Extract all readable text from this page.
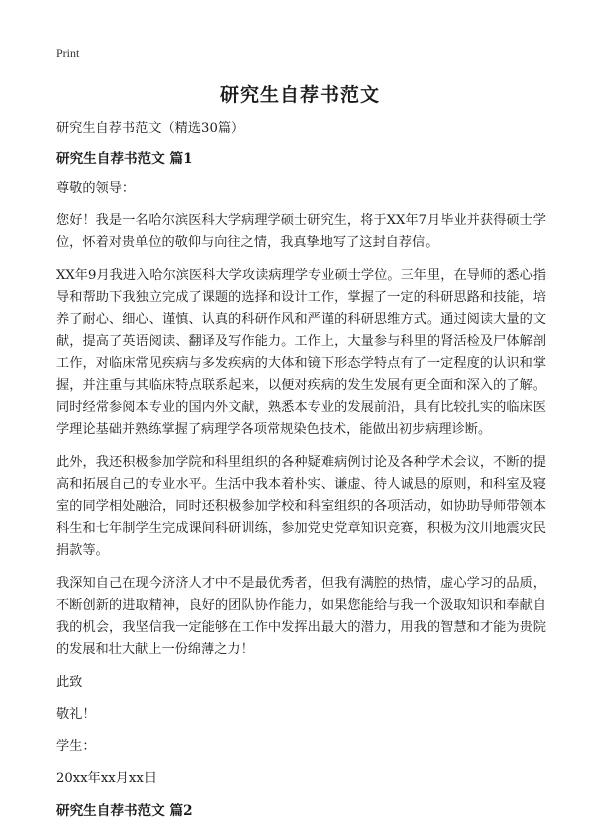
Print
研究生自荐书范文

研究生自荐书范文（精选30篇）

研究生自荐书范文 篇1

尊敬的领导：

您好！我是一名哈尔滨医科大学病理学硕士研究生，将于XX年7月毕业并获得硕士学位，怀着对贵单位的敬仰与向往之情，我真挚地写了这封自荐信。

XX年9月我进入哈尔滨医科大学攻读病理学专业硕士学位。三年里，在导师的悉心指导和帮助下我独立完成了课题的选择和设计工作，掌握了一定的科研思路和技能，培养了耐心、细心、谨慎、认真的科研作风和严谨的科研思维方式。通过阅读大量的文献，提高了英语阅读、翻译及写作能力。工作上，大量参与科里的肾活检及尸体解剖工作，对临床常见疾病与多发疾病的大体和镜下形态学特点有了一定程度的认识和掌握，并注重与其临床特点联系起来，以便对疾病的发生发展有更全面和深入的了解。同时经常参阅本专业的国内外文献，熟悉本专业的发展前沿，具有比较扎实的临床医学理论基础并熟练掌握了病理学各项常规染色技术，能做出初步病理诊断。

此外，我还积极参加学院和科里组织的各种疑难病例讨论及各种学术会议，不断的提高和拓展自己的专业水平。生活中我本着朴实、谦虚、待人诚恳的原则，和科室及寝室的同学相处融洽，同时还积极参加学校和科室组织的各项活动，如协助导师带领本科生和七年制学生完成课间科研训练，参加党史党章知识竞赛，积极为汶川地震灾民捐款等。

我深知自己在现今济济人才中不是最优秀者，但我有满腔的热情，虚心学习的品质，不断创新的进取精神，良好的团队协作能力，如果您能给与我一个汲取知识和奉献自我的机会，我坚信我一定能够在工作中发挥出最大的潜力，用我的智慧和才能为贵院的发展和壮大献上一份绵薄之力！

此致

敬礼！

学生：

20xx年xx月xx日

研究生自荐书范文 篇2
